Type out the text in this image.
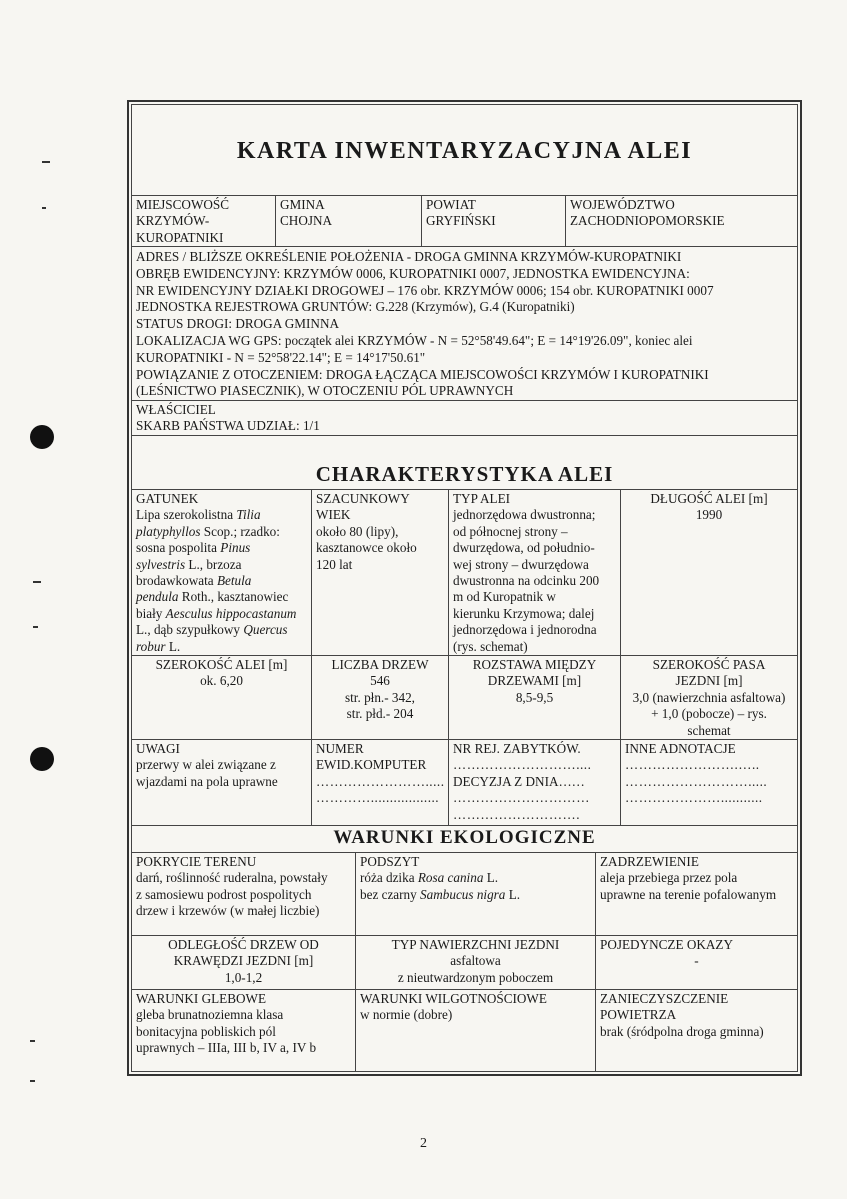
KARTA INWENTARYZACYJNA ALEI
MIEJSCOWOŚĆ
KRZYMÓW-
KUROPATNIKI
GMINA
CHOJNA
POWIAT
GRYFIŃSKI
WOJEWÓDZTWO
ZACHODNIOPOMORSKIE
ADRES / BLIŻSZE OKREŚLENIE POŁOŻENIA - DROGA GMINNA KRZYMÓW-KUROPATNIKI
OBRĘB EWIDENCYJNY: KRZYMÓW 0006, KUROPATNIKI 0007, JEDNOSTKA EWIDENCYJNA:
NR EWIDENCYJNY DZIAŁKI DROGOWEJ – 176 obr. KRZYMÓW 0006; 154 obr. KUROPATNIKI 0007
JEDNOSTKA REJESTROWA GRUNTÓW: G.228 (Krzymów), G.4 (Kuropatniki)
STATUS DROGI: DROGA GMINNA
LOKALIZACJA WG GPS: początek alei KRZYMÓW - N = 52°58'49.64"; E = 14°19'26.09", koniec alei
KUROPATNIKI - N = 52°58'22.14"; E = 14°17'50.61"
POWIĄZANIE Z OTOCZENIEM: DROGA ŁĄCZĄCA MIEJSCOWOŚCI KRZYMÓW I KUROPATNIKI
(LEŚNICTWO PIASECZNIK), W OTOCZENIU PÓL UPRAWNYCH
WŁAŚCICIEL
SKARB PAŃSTWA UDZIAŁ: 1/1
CHARAKTERYSTYKA ALEI
GATUNEK
Lipa szerokolistna Tilia
platyphyllos Scop.; rzadko:
sosna pospolita Pinus
sylvestris L., brzoza
brodawkowata Betula
pendula Roth., kasztanowiec
biały Aesculus hippocastanum
L., dąb szypułkowy Quercus
robur L.
SZACUNKOWY
WIEK
około 80 (lipy),
kasztanowce około
120 lat
TYP ALEI
jednorzędowa dwustronna;
od północnej strony –
dwurzędowa, od południo-
wej strony – dwurzędowa
dwustronna na odcinku 200
m od Kuropatnik w
kierunku Krzymowa; dalej
jednorzędowa i jednorodna
(rys. schemat)
DŁUGOŚĆ ALEI [m]
1990
SZEROKOŚĆ ALEI [m]
ok. 6,20
LICZBA DRZEW
546
str. płn.- 342,
str. płd.- 204
ROZSTAWA MIĘDZY
DRZEWAMI [m]
8,5-9,5
SZEROKOŚĆ PASA
JEZDNI [m]
3,0 (nawierzchnia asfaltowa)
+ 1,0 (pobocze) – rys.
schemat
UWAGI
przerwy w alei związane z
wjazdami na pola uprawne
NUMER
EWID.KOMPUTER
…………………….....
…………..................
NR REJ. ZABYTKÓW.
………………………....
DECYZJA Z DNIA……
…………………………
……………………….
INNE ADNOTACJE
…………………….…..
……………………….....
…………………...........
WARUNKI EKOLOGICZNE
POKRYCIE TERENU
darń, roślinność ruderalna, powstały
z samosiewu podrost pospolitych
drzew i krzewów (w małej liczbie)
PODSZYT
róża dzika Rosa canina L.
bez czarny Sambucus nigra L.
ZADRZEWIENIE
aleja przebiega przez pola
uprawne na terenie pofalowanym
ODLEGŁOŚĆ DRZEW OD
KRAWĘDZI JEZDNI [m]
1,0-1,2
TYP NAWIERZCHNI JEZDNI
asfaltowa
z nieutwardzonym poboczem
POJEDYNCZE OKAZY
-
WARUNKI GLEBOWE
gleba brunatnoziemna klasa
bonitacyjna pobliskich pól
uprawnych – IIIa, III b, IV a, IV b
WARUNKI WILGOTNOŚCIOWE
w normie (dobre)
ZANIECZYSZCZENIE
POWIETRZA
brak (śródpolna droga gminna)
2
